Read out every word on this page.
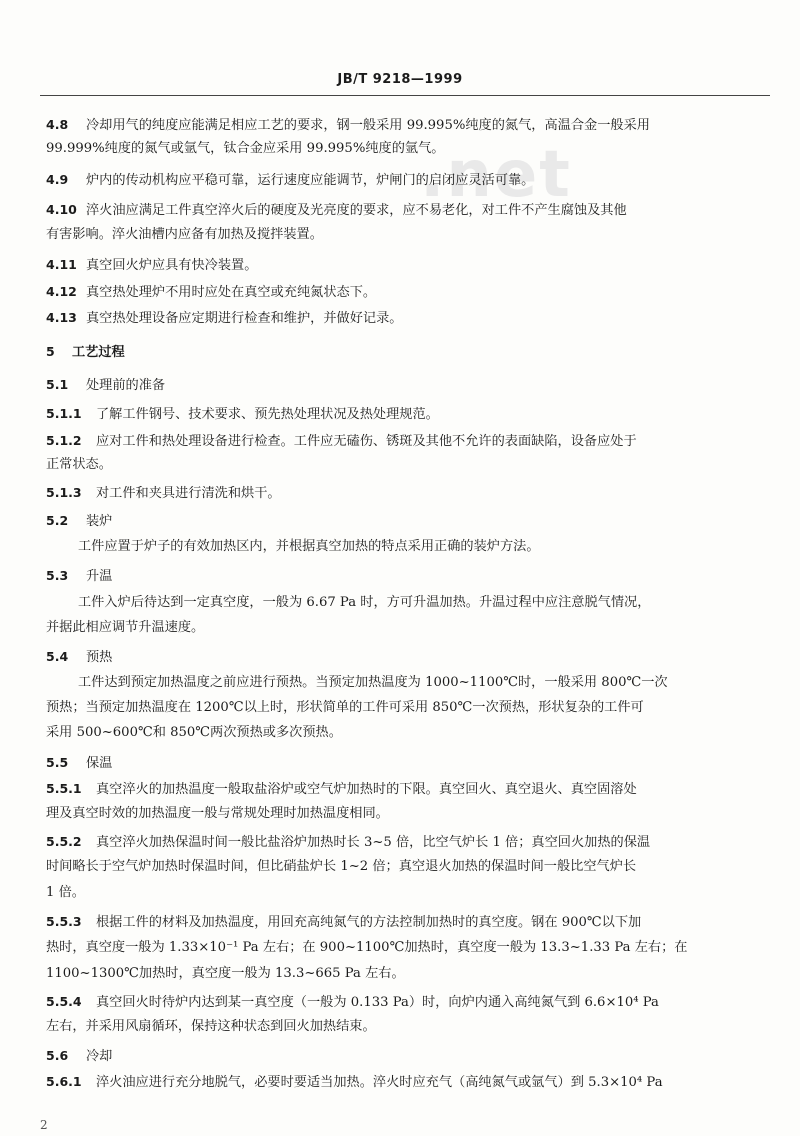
.net
JB/T 9218—1999
4.8 冷却用气的纯度应能满足相应工艺的要求，钢一般采用 99.995%纯度的氮气，高温合金一般采用
99.999%纯度的氮气或氩气，钛合金应采用 99.995%纯度的氩气。
4.9 炉内的传动机构应平稳可靠，运行速度应能调节，炉闸门的启闭应灵活可靠。
4.10 淬火油应满足工件真空淬火后的硬度及光亮度的要求，应不易老化，对工件不产生腐蚀及其他
有害影响。淬火油槽内应备有加热及搅拌装置。
4.11 真空回火炉应具有快冷装置。
4.12 真空热处理炉不用时应处在真空或充纯氮状态下。
4.13 真空热处理设备应定期进行检查和维护，并做好记录。
5 工艺过程
5.1 处理前的准备
5.1.1 了解工件钢号、技术要求、预先热处理状况及热处理规范。
5.1.2 应对工件和热处理设备进行检查。工件应无磕伤、锈斑及其他不允许的表面缺陷，设备应处于
正常状态。
5.1.3 对工件和夹具进行清洗和烘干。
5.2 装炉
工件应置于炉子的有效加热区内，并根据真空加热的特点采用正确的装炉方法。
5.3 升温
工件入炉后待达到一定真空度，一般为 6.67 Pa 时，方可升温加热。升温过程中应注意脱气情况，
并据此相应调节升温速度。
5.4 预热
工件达到预定加热温度之前应进行预热。当预定加热温度为 1000~1100℃时，一般采用 800℃一次
预热；当预定加热温度在 1200℃以上时，形状简单的工件可采用 850℃一次预热，形状复杂的工件可
采用 500~600℃和 850℃两次预热或多次预热。
5.5 保温
5.5.1 真空淬火的加热温度一般取盐浴炉或空气炉加热时的下限。真空回火、真空退火、真空固溶处
理及真空时效的加热温度一般与常规处理时加热温度相同。
5.5.2 真空淬火加热保温时间一般比盐浴炉加热时长 3~5 倍，比空气炉长 1 倍；真空回火加热的保温
时间略长于空气炉加热时保温时间，但比硝盐炉长 1~2 倍；真空退火加热的保温时间一般比空气炉长
1 倍。
5.5.3 根据工件的材料及加热温度，用回充高纯氮气的方法控制加热时的真空度。钢在 900℃以下加
热时，真空度一般为 1.33×10⁻¹ Pa 左右；在 900~1100℃加热时，真空度一般为 13.3~1.33 Pa 左右；在
1100~1300℃加热时，真空度一般为 13.3~665 Pa 左右。
5.5.4 真空回火时待炉内达到某一真空度（一般为 0.133 Pa）时，向炉内通入高纯氮气到 6.6×10⁴ Pa
左右，并采用风扇循环，保持这种状态到回火加热结束。
5.6 冷却
5.6.1 淬火油应进行充分地脱气，必要时要适当加热。淬火时应充气（高纯氮气或氩气）到 5.3×10⁴ Pa
2
